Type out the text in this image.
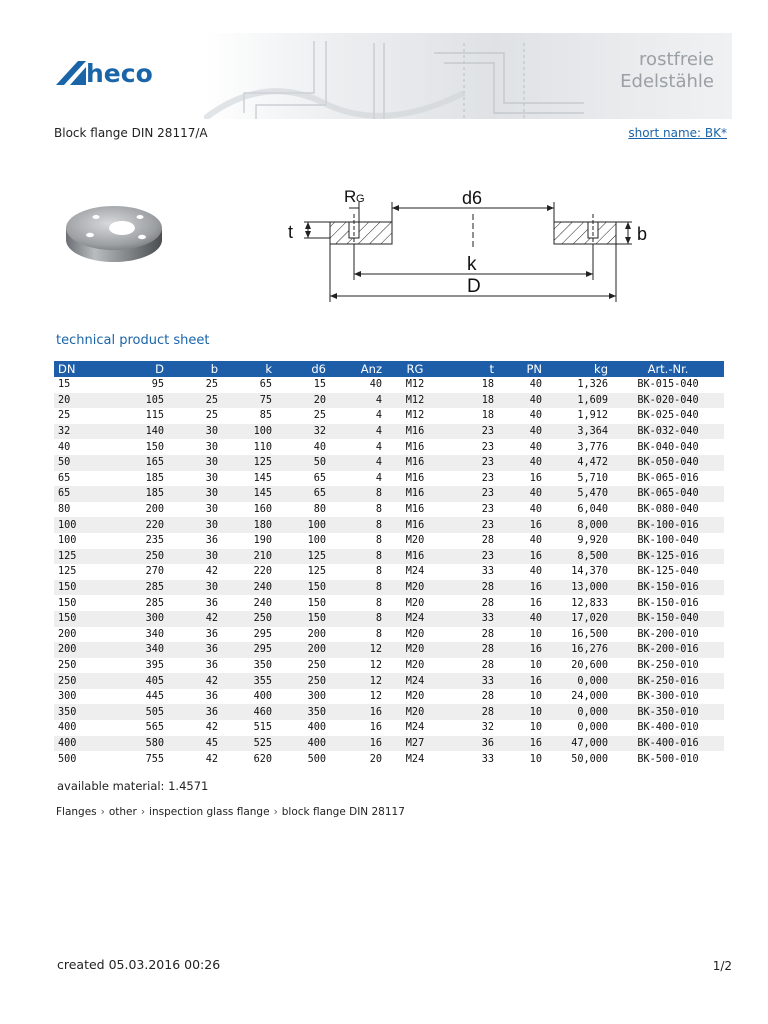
heco	rostfreie
Edelstähle
Block flange DIN 28117/A	short name: BK*
R G	d6
t	b
k
D
technical product sheet
DN	D	b	k	d6	Anz	RG	t	PN	kg	Art.-Nr.
15	95	25	65	15	40	M12	18	40	1,326	BK-015-040
20	105	25	75	20	4	M12	18	40	1,609	BK-020-040
25	115	25	85	25	4	M12	18	40	1,912	BK-025-040
32	140	30	100	32	4	M16	23	40	3,364	BK-032-040
40	150	30	110	40	4	M16	23	40	3,776	BK-040-040
50	165	30	125	50	4	M16	23	40	4,472	BK-050-040
65	185	30	145	65	4	M16	23	16	5,710	BK-065-016
65	185	30	145	65	8	M16	23	40	5,470	BK-065-040
80	200	30	160	80	8	M16	23	40	6,040	BK-080-040
100	220	30	180	100	8	M16	23	16	8,000	BK-100-016
100	235	36	190	100	8	M20	28	40	9,920	BK-100-040
125	250	30	210	125	8	M16	23	16	8,500	BK-125-016
125	270	42	220	125	8	M24	33	40	14,370	BK-125-040
150	285	30	240	150	8	M20	28	16	13,000	BK-150-016
150	285	36	240	150	8	M20	28	16	12,833	BK-150-016
150	300	42	250	150	8	M24	33	40	17,020	BK-150-040
200	340	36	295	200	8	M20	28	10	16,500	BK-200-010
200	340	36	295	200	12	M20	28	16	16,276	BK-200-016
250	395	36	350	250	12	M20	28	10	20,600	BK-250-010
250	405	42	355	250	12	M24	33	16	0,000	BK-250-016
300	445	36	400	300	12	M20	28	10	24,000	BK-300-010
350	505	36	460	350	16	M20	28	10	0,000	BK-350-010
400	565	42	515	400	16	M24	32	10	0,000	BK-400-010
400	580	45	525	400	16	M27	36	16	47,000	BK-400-016
500	755	42	620	500	20	M24	33	10	50,000	BK-500-010
available material: 1.4571
Flanges › other › inspection glass flange › block flange DIN 28117
created 05.03.2016 00:26	1/2
